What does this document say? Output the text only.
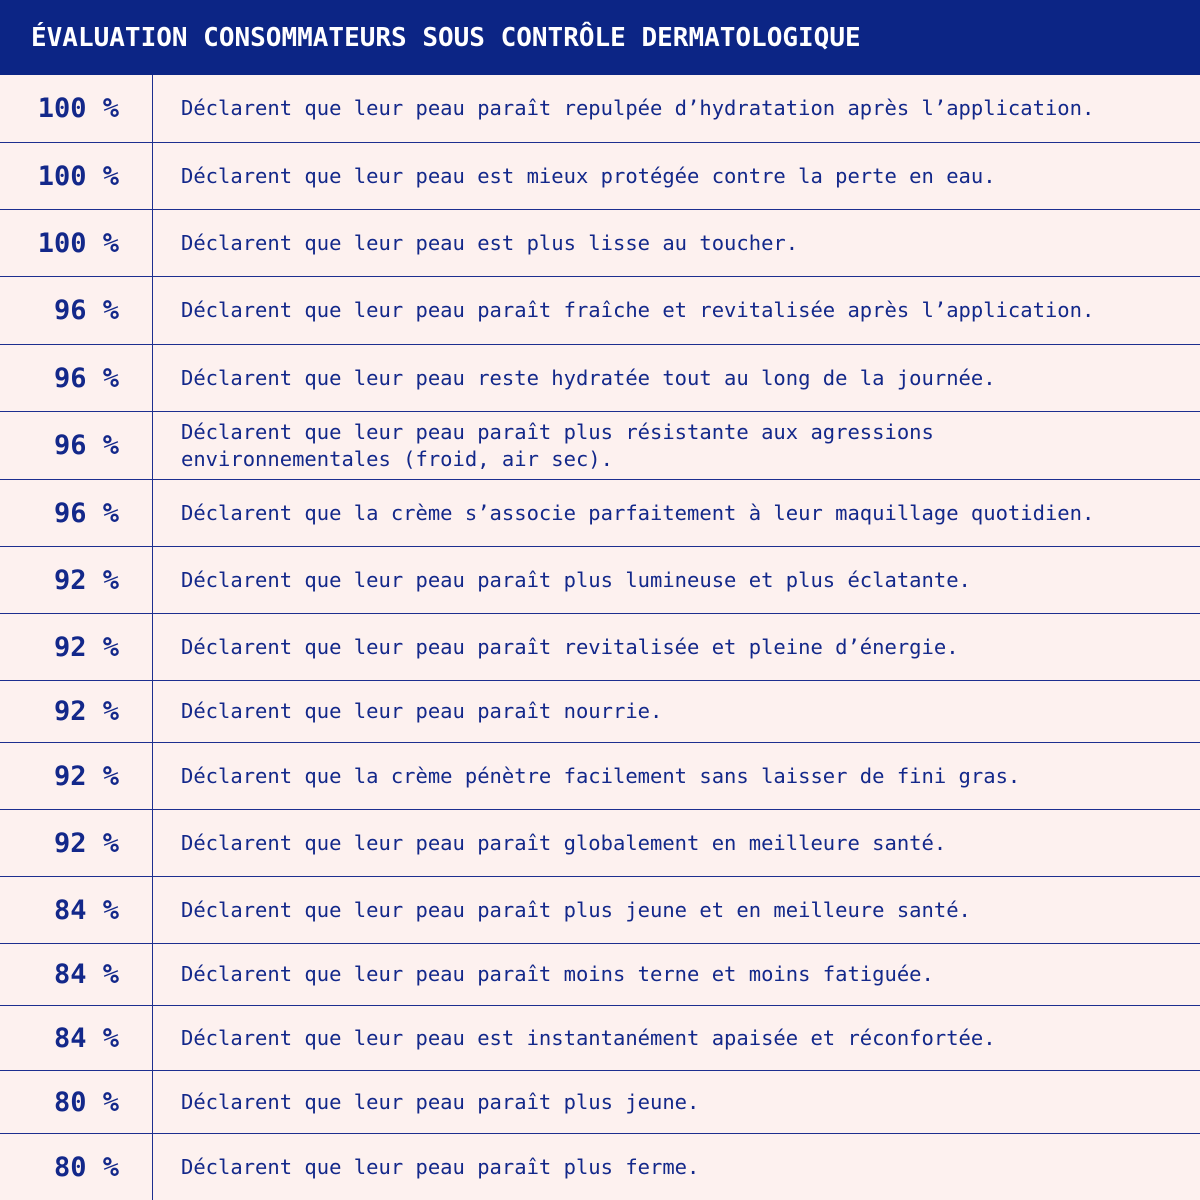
ÉVALUATION CONSOMMATEURS SOUS CONTRÔLE DERMATOLOGIQUE
100 %	Déclarent que leur peau paraît repulpée d’hydratation après l’application.
100 %	Déclarent que leur peau est mieux protégée contre la perte en eau.
100 %	Déclarent que leur peau est plus lisse au toucher.
96 %	Déclarent que leur peau paraît fraîche et revitalisée après l’application.
96 %	Déclarent que leur peau reste hydratée tout au long de la journée.
96 %	Déclarent que leur peau paraît plus résistante aux agressions
environnementales (froid, air sec).
96 %	Déclarent que la crème s’associe parfaitement à leur maquillage quotidien.
92 %	Déclarent que leur peau paraît plus lumineuse et plus éclatante.
92 %	Déclarent que leur peau paraît revitalisée et pleine d’énergie.
92 %	Déclarent que leur peau paraît nourrie.
92 %	Déclarent que la crème pénètre facilement sans laisser de fini gras.
92 %	Déclarent que leur peau paraît globalement en meilleure santé.
84 %	Déclarent que leur peau paraît plus jeune et en meilleure santé.
84 %	Déclarent que leur peau paraît moins terne et moins fatiguée.
84 %	Déclarent que leur peau est instantanément apaisée et réconfortée.
80 %	Déclarent que leur peau paraît plus jeune.
80 %	Déclarent que leur peau paraît plus ferme.
